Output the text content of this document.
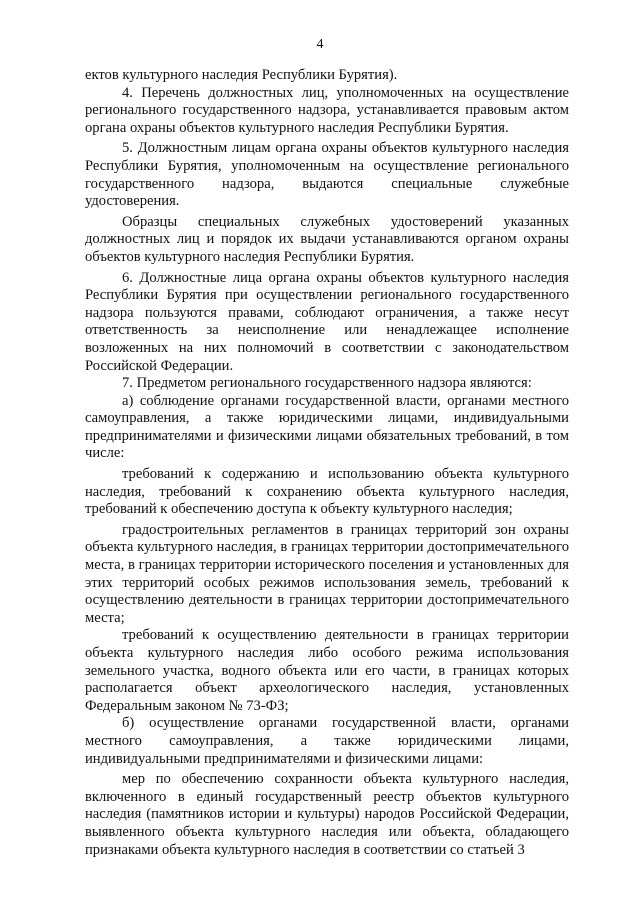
4

ектов культурного наследия Республики Бурятия).

4. Перечень должностных лиц, уполномоченных на осуществление регионального государственного надзора, устанавливается правовым актом органа охраны объектов культурного наследия Республики Бурятия.

5. Должностным лицам органа охраны объектов культурного наследия Республики Бурятия, уполномоченным на осуществление регионального государственного надзора, выдаются специальные служебные удостоверения.

Образцы специальных служебных удостоверений указанных должностных лиц и порядок их выдачи устанавливаются органом охраны объектов культурного наследия Республики Бурятия.

6. Должностные лица органа охраны объектов культурного наследия Республики Бурятия при осуществлении регионального государственного надзора пользуются правами, соблюдают ограничения, а также несут ответственность за неисполнение или ненадлежащее исполнение возложенных на них полномочий в соответствии с законодательством Российской Федерации.

7. Предметом регионального государственного надзора являются:

а) соблюдение органами государственной власти, органами местного самоуправления, а также юридическими лицами, индивидуальными предпринимателями и физическими лицами обязательных требований, в том числе:

требований к содержанию и использованию объекта культурного наследия, требований к сохранению объекта культурного наследия, требований к обеспечению доступа к объекту культурного наследия;

градостроительных регламентов в границах территорий зон охраны объекта культурного наследия, в границах территории достопримечательного места, в границах территории исторического поселения и установленных для этих территорий особых режимов использования земель, требований к осуществлению деятельности в границах территории достопримечательного места;

требований к осуществлению деятельности в границах территории объекта культурного наследия либо особого режима использования земельного участка, водного объекта или его части, в границах которых располагается объект археологического наследия, установленных Федеральным законом № 73-ФЗ;

б) осуществление органами государственной власти, органами местного самоуправления, а также юридическими лицами, индивидуальными предпринимателями и физическими лицами:

мер по обеспечению сохранности объекта культурного наследия, включенного в единый государственный реестр объектов культурного наследия (памятников истории и культуры) народов Российской Федерации, выявленного объекта культурного наследия или объекта, обладающего признаками объекта культурного наследия в соответствии со статьей 3
